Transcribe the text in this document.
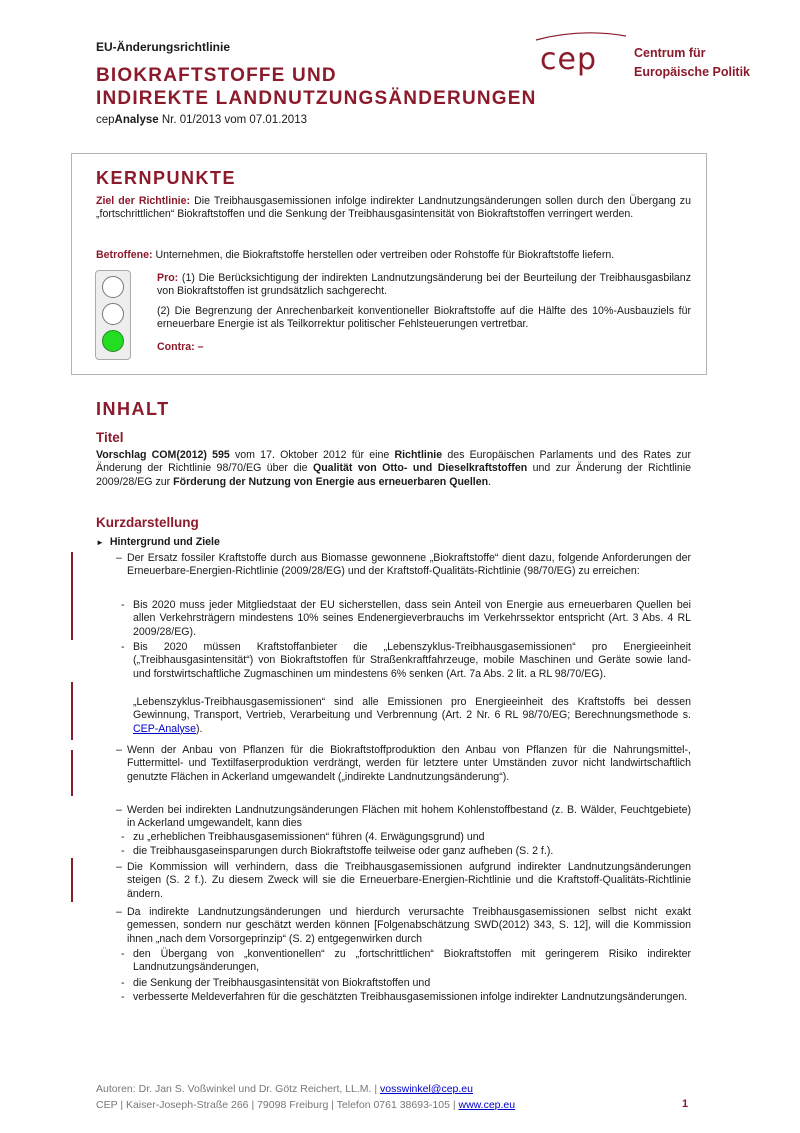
EU-Änderungsrichtlinie
BIOKRAFTSTOFFE UND
INDIREKTE LANDNUTZUNGSÄNDERUNGEN
cepAnalyse Nr. 01/2013 vom 07.01.2013
cep	Centrum für
Europäische Politik
KERNPUNKTE
Ziel der Richtlinie: Die Treibhausgasemissionen infolge indirekter Landnutzungsänderungen sollen durch den Übergang zu „fortschrittlichen“ Biokraftstoffen und die Senkung der Treibhausgasintensität von Biokraftstoffen verringert werden.
Betroffene: Unternehmen, die Biokraftstoffe herstellen oder vertreiben oder Rohstoffe für Biokraftstoffe liefern.
Pro: (1) Die Berücksichtigung der indirekten Landnutzungsänderung bei der Beurteilung der Treibhausgasbilanz von Biokraftstoffen ist grundsätzlich sachgerecht.
(2) Die Begrenzung der Anrechenbarkeit konventioneller Biokraftstoffe auf die Hälfte des 10%-Ausbauziels für erneuerbare Energie ist als Teilkorrektur politischer Fehlsteuerungen vertretbar.
Contra: –
INHALT
Titel
Vorschlag COM(2012) 595 vom 17. Oktober 2012 für eine Richtlinie des Europäischen Parlaments und des Rates zur Änderung der Richtlinie 98/70/EG über die Qualität von Otto- und Dieselkraftstoffen und zur Änderung der Richtlinie 2009/28/EG zur Förderung der Nutzung von Energie aus erneuerbaren Quellen.
Kurzdarstellung
► Hintergrund und Ziele
– Der Ersatz fossiler Kraftstoffe durch aus Biomasse gewonnene „Biokraftstoffe“ dient dazu, folgende Anforderungen der Erneuerbare-Energien-Richtlinie (2009/28/EG) und der Kraftstoff-Qualitäts-Richtlinie (98/70/EG) zu erreichen:
- Bis 2020 muss jeder Mitgliedstaat der EU sicherstellen, dass sein Anteil von Energie aus erneuerbaren Quellen bei allen Verkehrsträgern mindestens 10% seines Endenergieverbrauchs im Verkehrssektor entspricht (Art. 3 Abs. 4 RL 2009/28/EG).
- Bis 2020 müssen Kraftstoffanbieter die „Lebenszyklus-Treibhausgasemissionen“ pro Energieeinheit („Treibhausgasintensität“) von Biokraftstoffen für Straßenkraftfahrzeuge, mobile Maschinen und Geräte sowie land- und forstwirtschaftliche Zugmaschinen um mindestens 6% senken (Art. 7a Abs. 2 lit. a RL 98/70/EG).
„Lebenszyklus-Treibhausgasemissionen“ sind alle Emissionen pro Energieeinheit des Kraftstoffs bei dessen Gewinnung, Transport, Vertrieb, Verarbeitung und Verbrennung (Art. 2 Nr. 6 RL 98/70/EG; Berechnungsmethode s. CEP-Analyse).
– Wenn der Anbau von Pflanzen für die Biokraftstoffproduktion den Anbau von Pflanzen für die Nahrungsmittel-, Futtermittel- und Textilfaserproduktion verdrängt, werden für letztere unter Umständen zuvor nicht landwirtschaftlich genutzte Flächen in Ackerland umgewandelt („indirekte Landnutzungsänderung“).
– Werden bei indirekten Landnutzungsänderungen Flächen mit hohem Kohlenstoffbestand (z. B. Wälder, Feuchtgebiete) in Ackerland umgewandelt, kann dies
- zu „erheblichen Treibhausgasemissionen“ führen (4. Erwägungsgrund) und
- die Treibhausgaseinsparungen durch Biokraftstoffe teilweise oder ganz aufheben (S. 2 f.).
– Die Kommission will verhindern, dass die Treibhausgasemissionen aufgrund indirekter Landnutzungsänderungen steigen (S. 2 f.). Zu diesem Zweck will sie die Erneuerbare-Energien-Richtlinie und die Kraftstoff-Qualitäts-Richtlinie ändern.
– Da indirekte Landnutzungsänderungen und hierdurch verursachte Treibhausgasemissionen selbst nicht exakt gemessen, sondern nur geschätzt werden können [Folgenabschätzung SWD(2012) 343, S. 12], will die Kommission ihnen „nach dem Vorsorgeprinzip“ (S. 2) entgegenwirken durch
- den Übergang von „konventionellen“ zu „fortschrittlichen“ Biokraftstoffen mit geringerem Risiko indirekter Landnutzungsänderungen,
- die Senkung der Treibhausgasintensität von Biokraftstoffen und
- verbesserte Meldeverfahren für die geschätzten Treibhausgasemissionen infolge indirekter Landnutzungsänderungen.
Autoren: Dr. Jan S. Voßwinkel und Dr. Götz Reichert, LL.M. | vosswinkel@cep.eu
CEP | Kaiser-Joseph-Straße 266 | 79098 Freiburg | Telefon 0761 38693-105 | www.cep.eu	1
